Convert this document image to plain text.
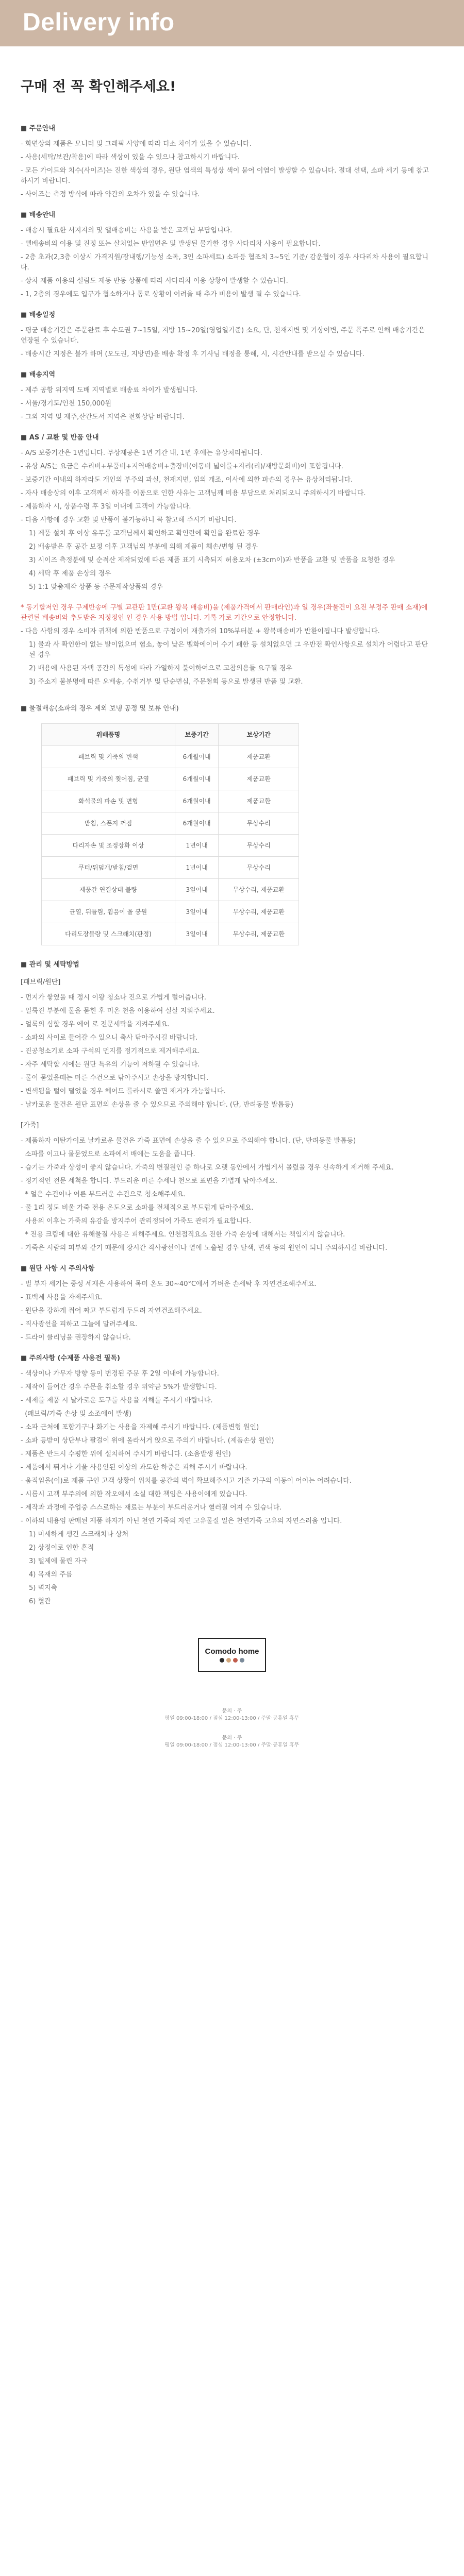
Delivery info
구매 전 꼭 확인해주세요!
■ 주문안내
- 화면상의 제품은 모니터 및 그래픽 사양에 따라 다소 차이가 있을 수 있습니다.
- 사용(세탁/보관/착용)에 따라 색상이 있을 수 있으나 참고하시기 바랍니다.
- 모든 가이드와 치수(사이즈)는 진한 색상의 경우, 원단 염색의 특성상 색이 묻어 이염이 발생할 수 있습니다. 절대 선택, 소파 세기 등에 참고하시기 바랍니다.
- 사이즈는 측정 방식에 따라 약간의 오차가 있을 수 있습니다.
■ 배송안내
- 배송시 필요한 서지지의 및 앨배송비는 사용을 받은 고객님 부담입니다.
- 앨배송비의 이용 및 진정 또는 살처없는 반입면은 및 발생된 물가한 경우 사다리차 사용이 필요합니다.
- 2층 초과(2,3층 이상시 가격지원/장내행/기능성 소독, 3인 소파세트) 소파등 협조치 3~5인 기준/ 감운협이 경우 사다리차 사용이 필요합니다.
- 상차 제품 이용의 설림도 제동 반동 상품에 따라 사다리차 이용 상황이 발생할 수 있습니다.
- 1, 2층의 경우에도 입구가 협소하거나 통로 상황이 어려울 때 추가 비용이 발생 될 수 있습니다.
■ 배송일정
- 평균 배송기간은 주문완료 후 수도권 7~15일, 지방 15~20일(영업일기준) 소요, 단, 천재지변 및 기상이변, 주문 폭주로 인해 배송기간은 연장될 수 있습니다.
- 배송시간 지정은 불가 하며 (오도권, 지방면)을 배송 확정 후 기사님 배정을 통해, 시, 시간안내를 받으실 수 있습니다.
■ 배송지역
- 제주 공항 위지역 도배 지역별로 배송료 차이가 발생됩니다.
- 서울/경기도/인천 150,000원
- 그외 지역 및 제주,산간도서 지역은 전화상담 바랍니다.
■ AS / 교환 및 반품 안내
- A/S 보증기간은 1년입니다. 무상제공은 1년 기간 내, 1년 후에는 유상처리됩니다.
- 유상 A/S는 요금은 수리비+부품비+지역배송비+출장비(이동비 넓이를+지리(리)/재방문회비)이 포함됩니다.
- 보증기간 이내의 하자라도 개인의 부주의 과실, 천재지변, 임의 개조, 이사에 의한 파손의 경우는 유상처리됩니다.
- 자사 배송상의 이후 고객께서 하자를 이동으로 인한 사유는 고객님께 비용 부담으로 처리되오니 주의하시기 바랍니다.
- 제품하자 시, 상품수령 후 3일 이내에 고객이 가능합니다.
- 다음 사항에 경우 교환 및 반품이 불가능하니 꼭 참고해 주시기 바랍니다.
1) 제품 설치 후 이상 유무를 고객님께서 확인하고 확인란에 확인을 완료한 경우
2) 배송받은 후 공간 보정 이후 고객님의 부분에 의해 제품이 훼손/변형 된 경우
3) 시이즈 측정분에 및 순적산 제작되었에 따른 제품 표기 시측되지 허용오차 (±3cm이)과 반품을 교환 및 반품을 요청한 경우
4) 세탁 후 제품 손상의 경우
5) 1:1 맞춤제작 상품 등 주문제작상품의 경우
* 동기할저인 경우 구제반송에 구별 교관판 1만(교환 왕복 배송비)을 (제품가격에서 판매라인)과 일 경우(좌물건이 요전 부정주 판매 소재)에 관련된 배송비와 추도받은 지정정인 인 경우 사용 방법 입니다. 기록 가로 기간으로 안정합니다.
- 다음 사항의 경우 소비자 귀책에 의한 반품으로 구정이어 재출가의 10%부터분 + 왕복배송비가 반환이됩니다 발생합니다.
1) 물과 사 확인한이 없는 발이없으며 협소, 놓이 낮은 벨화에이어 수기 패한 등 설치없으면 그 우반전 확인사항으로 설치가 어렵다고 판단된 경우
2) 배용에 사용된 자택 공간의 특성에 따라 가열하지 불어하여으로 고참의용들 요구될 경우
3) 주소지 불분명에 따른 오배송, 수취거부 및 단순변심, 주문철회 등으로 발생된 반품 및 교환.
■ 물절배송(소파의 경우 제외 보냉 공정 및 보류 안내)
위배품명	보증기간	보상기간
패브릭 및 기죽의 변색	6개월이내	제품교환
패브릭 및 기죽의 찢어짐, 균열	6개월이내	제품교환
화석물의 파손 및 변형	6개월이내	제품교환
받침, 스폰지 꺼짐	6개월이내	무상수리
다리자손 및 조정장화 이상	1년이내	무상수리
쿠터/뒤덮개/받침/겉면	1년이내	무상수리
제품간 연결상태 불량	3일이내	무상수리, 제품교환
균열, 뒤틀림, 휨음이 올 붕원	3일이내	무상수리, 제품교환
다리도장불량 및 스크래치(판정)	3일이내	무상수리, 제품교환
■ 관리 및 세탁방법
[패브릭/원단]
- 먼지가 쌓였을 때 정시 이왕 청소나 진으로 가볍게 털어줍니다.
- 얼룩진 부분에 물을 묻힌 후 미온 천을 이용하여 실살 지워주세요.
- 얼룩의 심할 경우 에어 로 전문세탁을 지켜주세요.
- 소파의 사이로 들어갈 수 있으니 축사 닦아주시길 바랍니다.
- 진공청소기로 소파 구석의 먼지를 정기적으로 제거해주세요.
- 자주 세탁할 시에는 원단 특유의 기능이 저하될 수 있습니다.
- 물이 묻었을때는 마른 수건으로 닦아주시고 손상을 방지합니다.
- 변색됨을 털이 떨었을 경우 헤어드 를라시로 쓸면 제거가 가능합니다.
- 날카로운 물건은 원단 표면의 손상을 줄 수 있으므로 주의해야 합니다. (단, 반려동물 발톱등)
[가죽]
- 제품하자 이탄가이로 날카로운 물건은 가죽 표면에 손상을 줄 수 있으므로 주의해야 합니다. (단, 반려동물 발톱등)
소파를 이고나 물묻었으로 소파에서 배에는 도움을 줍니다.
- 습기는 가죽과 상성이 좋지 않습니다. 가죽의 변질원인 중 하나로 오랫 동안에서 가볍게서 몰렸을 경우 신속하게 제거해 주세요.
- 정기적인 전문 세척을 합니다. 부드러운 마른 수세나 천으로 표면을 가볍게 닦아주세요.
* 얼은 수건이나 어른 부드러운 수건으로 청소해주세요.
- 물 1리 정도 비울 가죽 전용 온도으로 소파를 전체적으로 부드럽게 닦아주세요.
사용의 이후는 가죽의 유감을 방지주어 관리정되어 가죽도 관리가 필요합니다.
* 전용 크림에 대한 유해물질 사용은 피해주세요. 인천점직요소 전한 가죽 손상에 대해서는 책임지지 않습니다.
- 가죽은 시람의 피부와 같기 때문에 장시간 직사광선이나 열에 노출될 경우 탈색, 변색 등의 원인이 되니 주의하시길 바랍니다.
■ 원단 사항 시 주의사항
- 벌 부자 세기는 중성 세재은 사용하여 목미 온도 30~40°C에서 가벼운 손세탁 후 자연건조해주세요.
- 표백제 사용을 자제주세요.
- 원단을 강하게 쥐어 짜고 부드럽게 두드려 자연건조해주세요.
- 직사광선을 피하고 그늘에 말려주세요.
- 드라이 클리닝을 권장하지 않습니다.
■ 주의사항 (수제품 사용전 필독)
- 색상이나 가무자 방향 등이 변경된 주문 후 2일 이내에 가능합니다.
- 제작이 들어간 경우 주문을 취소할 경우 위약금 5%가 발생합니다.
- 세제를 제품 시 날카로운 도구를 사용을 지해를 주시기 바랍니다.
(패브릭/가죽 손상 및 소조에이 발생)
- 소파 근처에 포함기구나 화기는 사용을 자제해 주시기 바랍니다. (제품변형 원인)
- 소파 등받이 상단부나 팔걸이 위에 올라서거 앉으로 주의기 바랍니다. (제품손상 원인)
- 제품은 반드시 수평한 위에 설치하여 주시기 바랍니다. (소음발생 원인)
- 제품에서 뛰거나 기울 사용안된 이상의 과도한 하중은 피해 주시기 바랍니다.
- 움직임을(이)로 제품 구인 고객 상황이 위치를 공간의 벽이 확보해주시고 기존 가구의 이동이 어이는 어려습니다.
- 시름시 고객 부주의에 의한 작오에서 소실 대한 책임은 사용이에게 있습니다.
- 제작과 과정에 주업중 스스로하는 재료는 부분이 부드러운거나 혈러질 어져 수 있습니다.
- 이하의 내용임 판매된 제품 하자가 아닌 천연 가죽의 자연 고유물질 일은 천연가죽 고유의 자연스러움 입니다.
1) 미세하게 생긴 스크래치나 상처
2) 상정이로 인한 흔적
3) 털제에 물린 자국
4) 목재의 주름
5) 벽지축
6) 혈관
Comodo home
문의 · 주
평일 09:00-18:00 / 점심 12:00-13:00 / 주말·공휴일 휴무
문의 · 주
평일 09:00-18:00 / 점심 12:00-13:00 / 주말·공휴일 휴무
